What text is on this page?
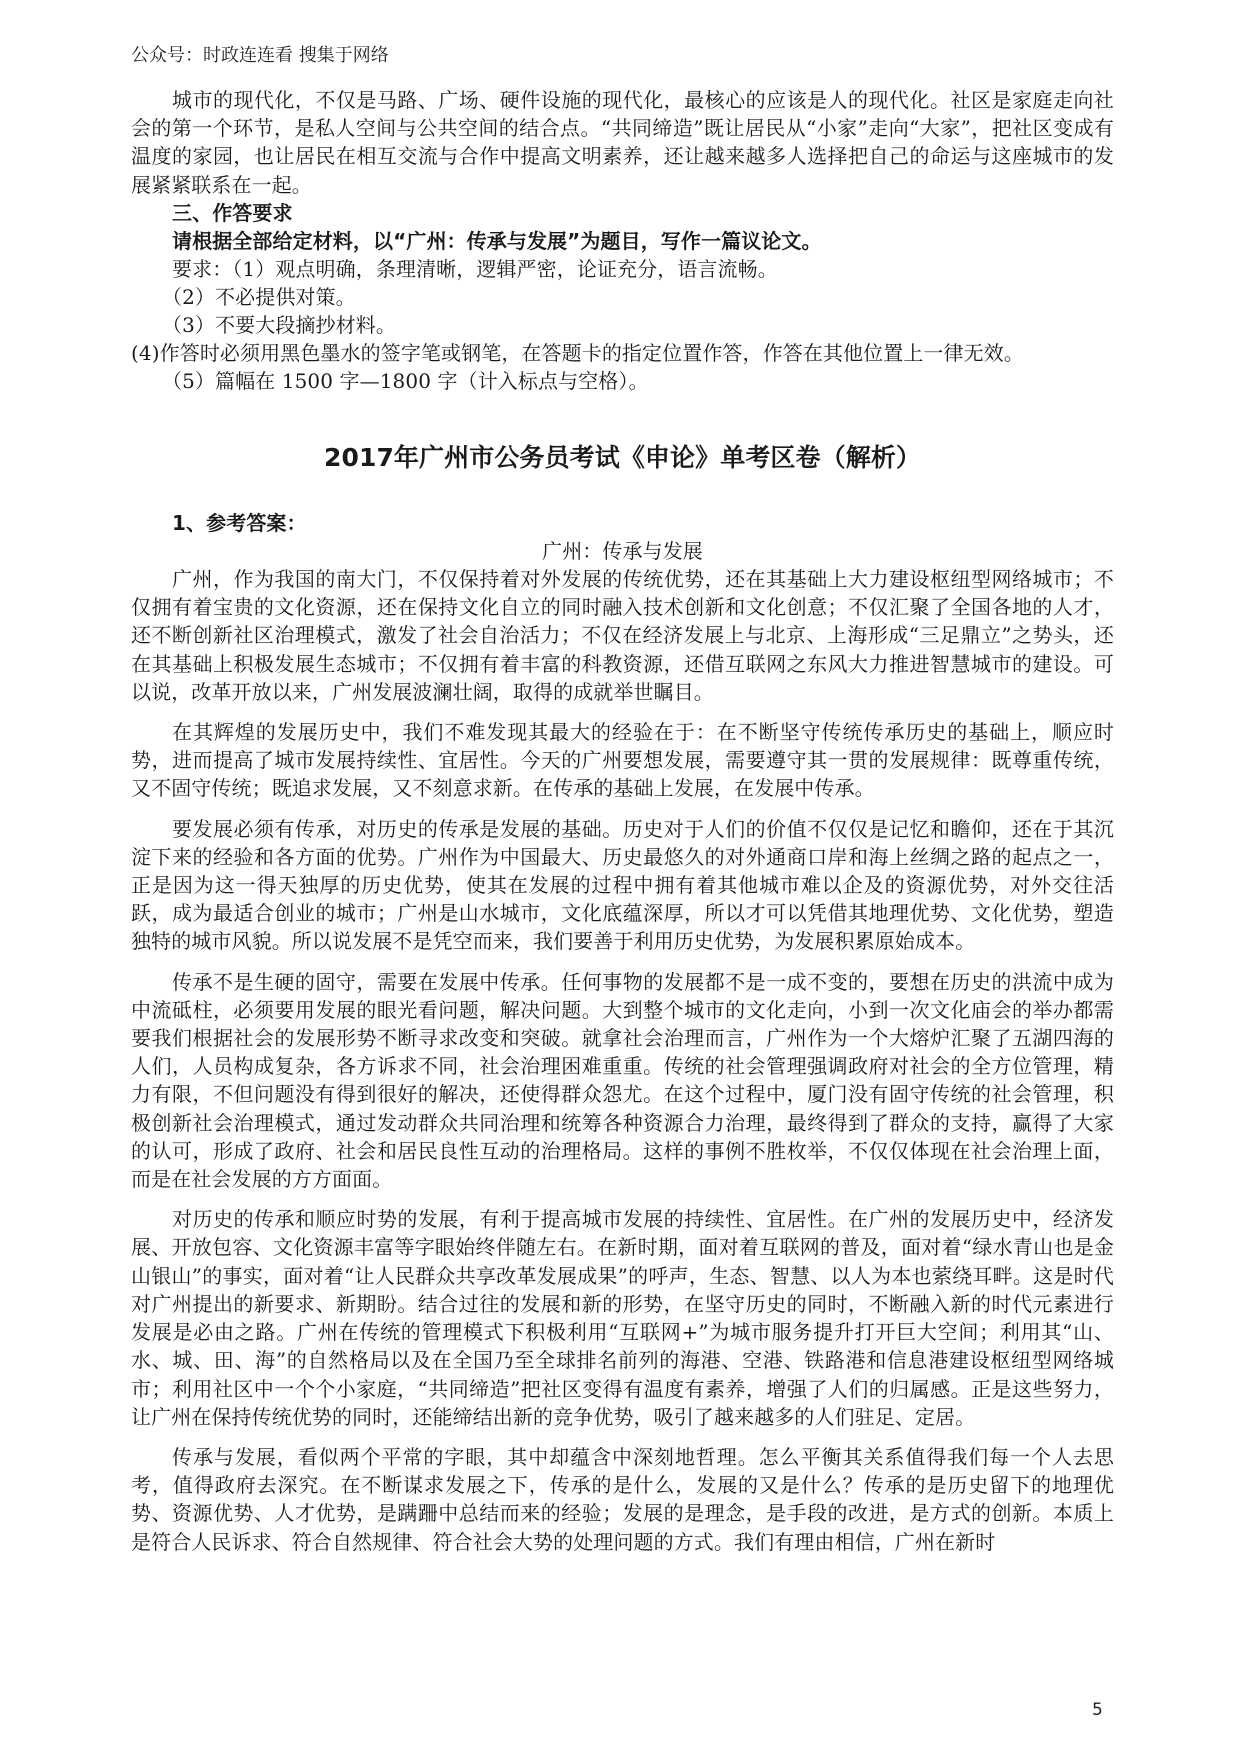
公众号：时政连连看 搜集于网络

城市的现代化，不仅是马路、广场、硬件设施的现代化，最核心的应该是人的现代化。社区是家庭走向社会的第一个环节，是私人空间与公共空间的结合点。“共同缔造”既让居民从“小家”走向“大家”，把社区变成有温度的家园，也让居民在相互交流与合作中提高文明素养，还让越来越多人选择把自己的命运与这座城市的发展紧紧联系在一起。

三、作答要求

请根据全部给定材料，以“广州：传承与发展”为题目，写作一篇议论文。

要求：（1）观点明确，条理清晰，逻辑严密，论证充分，语言流畅。

（2）不必提供对策。

（3）不要大段摘抄材料。

(4)作答时必须用黑色墨水的签字笔或钢笔，在答题卡的指定位置作答，作答在其他位置上一律无效。

（5）篇幅在 1500 字—1800 字（计入标点与空格）。

2017年广州市公务员考试《申论》单考区卷（解析）

1、参考答案：

广州：传承与发展

广州，作为我国的南大门，不仅保持着对外发展的传统优势，还在其基础上大力建设枢纽型网络城市；不仅拥有着宝贵的文化资源，还在保持文化自立的同时融入技术创新和文化创意；不仅汇聚了全国各地的人才，还不断创新社区治理模式，激发了社会自治活力；不仅在经济发展上与北京、上海形成“三足鼎立”之势头，还在其基础上积极发展生态城市；不仅拥有着丰富的科教资源，还借互联网之东风大力推进智慧城市的建设。可以说，改革开放以来，广州发展波澜壮阔，取得的成就举世瞩目。

在其辉煌的发展历史中，我们不难发现其最大的经验在于：在不断坚守传统传承历史的基础上，顺应时势，进而提高了城市发展持续性、宜居性。今天的广州要想发展，需要遵守其一贯的发展规律：既尊重传统，又不固守传统；既追求发展，又不刻意求新。在传承的基础上发展，在发展中传承。

要发展必须有传承，对历史的传承是发展的基础。历史对于人们的价值不仅仅是记忆和瞻仰，还在于其沉淀下来的经验和各方面的优势。广州作为中国最大、历史最悠久的对外通商口岸和海上丝绸之路的起点之一，正是因为这一得天独厚的历史优势，使其在发展的过程中拥有着其他城市难以企及的资源优势，对外交往活跃，成为最适合创业的城市；广州是山水城市，文化底蕴深厚，所以才可以凭借其地理优势、文化优势，塑造独特的城市风貌。所以说发展不是凭空而来，我们要善于利用历史优势，为发展积累原始成本。

传承不是生硬的固守，需要在发展中传承。任何事物的发展都不是一成不变的，要想在历史的洪流中成为中流砥柱，必须要用发展的眼光看问题，解决问题。大到整个城市的文化走向，小到一次文化庙会的举办都需要我们根据社会的发展形势不断寻求改变和突破。就拿社会治理而言，广州作为一个大熔炉汇聚了五湖四海的人们，人员构成复杂，各方诉求不同，社会治理困难重重。传统的社会管理强调政府对社会的全方位管理，精力有限，不但问题没有得到很好的解决，还使得群众怨尤。在这个过程中，厦门没有固守传统的社会管理，积极创新社会治理模式，通过发动群众共同治理和统筹各种资源合力治理，最终得到了群众的支持，赢得了大家的认可，形成了政府、社会和居民良性互动的治理格局。这样的事例不胜枚举，不仅仅体现在社会治理上面，而是在社会发展的方方面面。

对历史的传承和顺应时势的发展，有利于提高城市发展的持续性、宜居性。在广州的发展历史中，经济发展、开放包容、文化资源丰富等字眼始终伴随左右。在新时期，面对着互联网的普及，面对着“绿水青山也是金山银山”的事实，面对着“让人民群众共享改革发展成果”的呼声，生态、智慧、以人为本也萦绕耳畔。这是时代对广州提出的新要求、新期盼。结合过往的发展和新的形势，在坚守历史的同时，不断融入新的时代元素进行发展是必由之路。广州在传统的管理模式下积极利用“互联网+”为城市服务提升打开巨大空间；利用其“山、水、城、田、海”的自然格局以及在全国乃至全球排名前列的海港、空港、铁路港和信息港建设枢纽型网络城市；利用社区中一个个小家庭，“共同缔造”把社区变得有温度有素养，增强了人们的归属感。正是这些努力，让广州在保持传统优势的同时，还能缔结出新的竞争优势，吸引了越来越多的人们驻足、定居。

传承与发展，看似两个平常的字眼，其中却蕴含中深刻地哲理。怎么平衡其关系值得我们每一个人去思考，值得政府去深究。在不断谋求发展之下，传承的是什么，发展的又是什么？传承的是历史留下的地理优势、资源优势、人才优势，是蹒跚中总结而来的经验；发展的是理念，是手段的改进，是方式的创新。本质上是符合人民诉求、符合自然规律、符合社会大势的处理问题的方式。我们有理由相信，广州在新时

5
